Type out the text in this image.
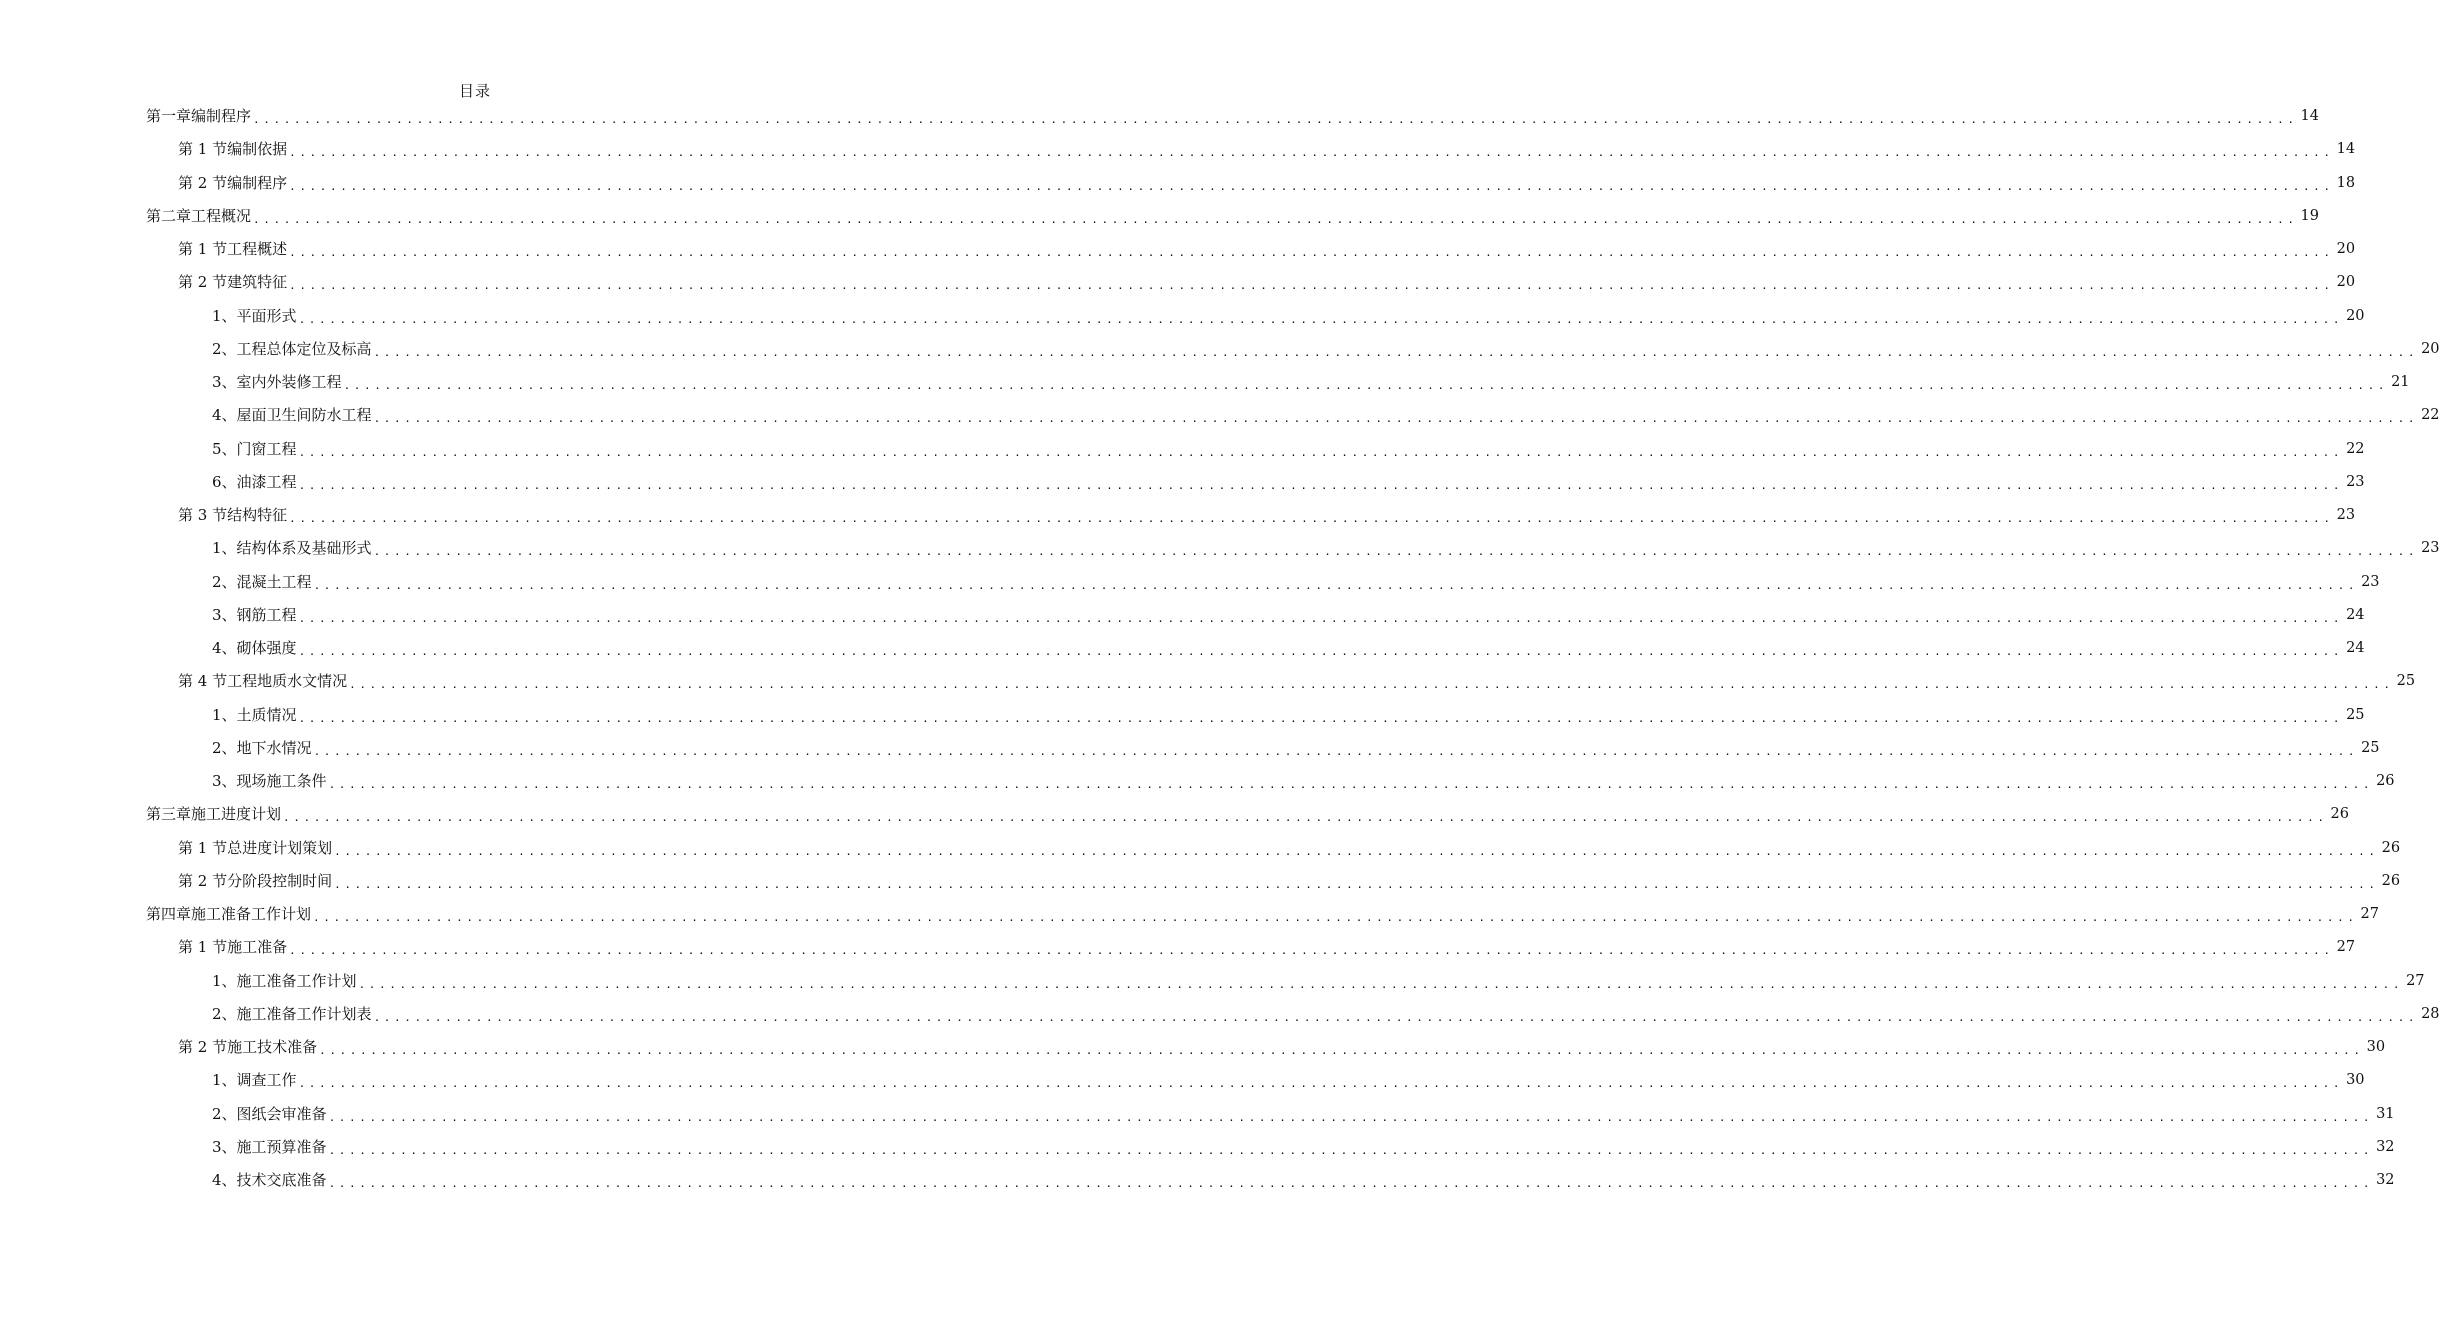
目录
第一章 编制程序 ........................................................................................................................................................................................................ 14
第 1 节 编制依据 ........................................................................................................................................................................................................ 14
第 2 节 编制程序 ........................................................................................................................................................................................................ 18
第二章 工程概况 ........................................................................................................................................................................................................ 19
第 1 节 工程概述 ........................................................................................................................................................................................................ 20
第 2 节 建筑特征 ........................................................................................................................................................................................................ 20
1、 平面形式 ........................................................................................................................................................................................................ 20
2、 工程总体定位及标高 ........................................................................................................................................................................................................ 20
3、 室内外装修工程 ........................................................................................................................................................................................................ 21
4、 屋面卫生间防水工程 ........................................................................................................................................................................................................ 22
5、 门窗工程 ........................................................................................................................................................................................................ 22
6、 油漆工程 ........................................................................................................................................................................................................ 23
第 3 节 结构特征 ........................................................................................................................................................................................................ 23
1、 结构体系及基础形式 ........................................................................................................................................................................................................ 23
2、 混凝土工程 ........................................................................................................................................................................................................ 23
3、 钢筋工程 ........................................................................................................................................................................................................ 24
4、 砌体强度 ........................................................................................................................................................................................................ 24
第 4 节 工程地质水文情况 ........................................................................................................................................................................................................ 25
1、 土质情况 ........................................................................................................................................................................................................ 25
2、 地下水情况 ........................................................................................................................................................................................................ 25
3、 现场施工条件 ........................................................................................................................................................................................................ 26
第三章 施工进度计划 ........................................................................................................................................................................................................ 26
第 1 节 总进度计划策划 ........................................................................................................................................................................................................ 26
第 2 节 分阶段控制时间 ........................................................................................................................................................................................................ 26
第四章 施工准备工作计划 ........................................................................................................................................................................................................ 27
第 1 节 施工准备 ........................................................................................................................................................................................................ 27
1、 施工准备工作计划 ........................................................................................................................................................................................................ 27
2、 施工准备工作计划表 ........................................................................................................................................................................................................ 28
第 2 节 施工技术准备 ........................................................................................................................................................................................................ 30
1、 调查工作 ........................................................................................................................................................................................................ 30
2、 图纸会审准备 ........................................................................................................................................................................................................ 31
3、 施工预算准备 ........................................................................................................................................................................................................ 32
4、 技术交底准备 ........................................................................................................................................................................................................ 32
